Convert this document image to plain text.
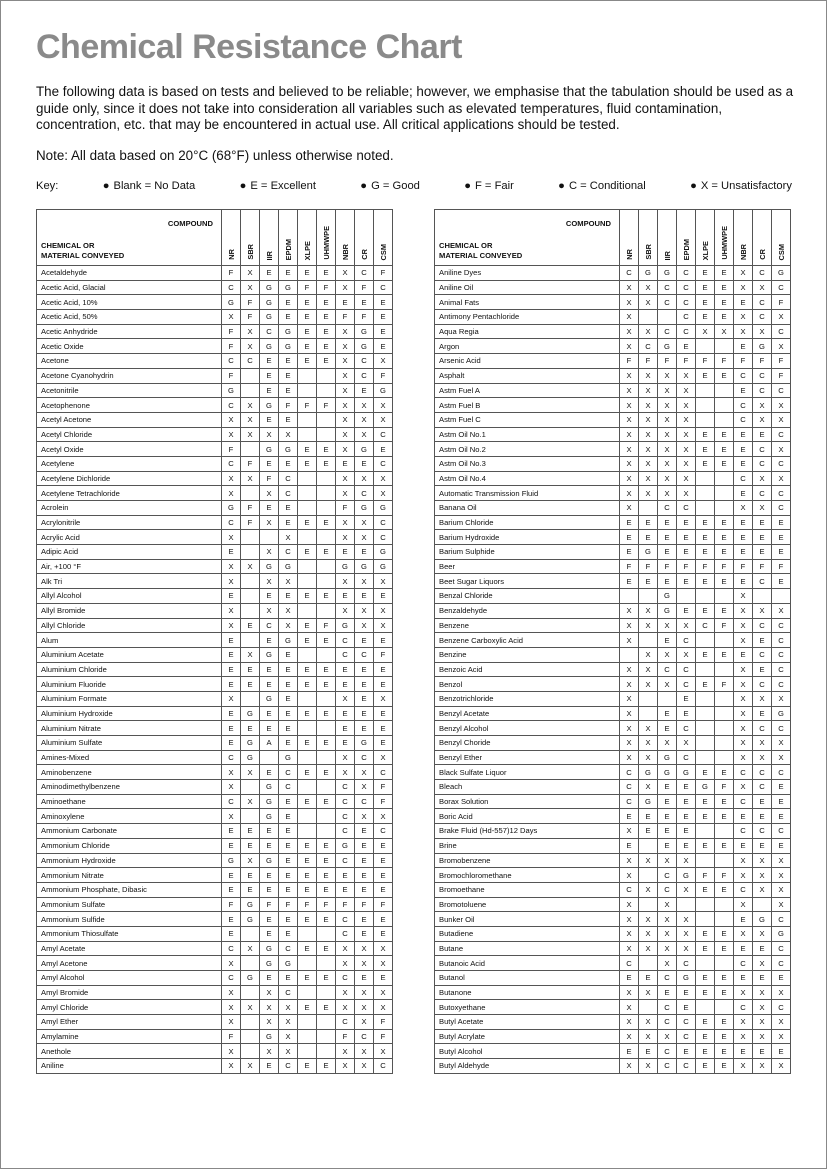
Chemical Resistance Chart

The following data is based on tests and believed to be reliable; however, we emphasise that the tabulation should be used as a guide only, since it does not take into consideration all variables such as elevated temperatures, fluid contamination, concentration, etc. that may be encountered in actual use. All critical applications should be tested.

Note: All data based on 20°C (68°F) unless otherwise noted.

Key:	● Blank = No Data	● E = Excellent	● G = Good	● F = Fair	● C = Conditional	● X = Unsatisfactory
COMPOUND
CHEMICAL OR
MATERIAL CONVEYED	NR	SBR	IIR	EPDM	XLPE	UHMWPE	NBR	CR	CSM
Acetaldehyde	F	X	E	E	E	E	X	C	F
Acetic Acid, Glacial	C	X	G	G	F	F	X	F	C
Acetic Acid, 10%	G	F	G	E	E	E	E	E	E
Acetic Acid, 50%	X	F	G	E	E	E	F	F	E
Acetic Anhydride	F	X	C	G	E	E	X	G	E
Acetic Oxide	F	X	G	G	E	E	X	G	E
Acetone	C	C	E	E	E	E	X	C	X
Acetone Cyanohydrin	F		E	E			X	C	F
Acetonitrile	G		E	E			X	E	G
Acetophenone	C	X	G	F	F	F	X	X	X
Acetyl Acetone	X	X	E	E			X	X	X
Acetyl Chloride	X	X	X	X			X	X	C
Acetyl Oxide	F		G	G	E	E	X	G	E
Acetylene	C	F	E	E	E	E	E	E	C
Acetylene Dichloride	X	X	F	C			X	X	X
Acetylene Tetrachloride	X		X	C			X	C	X
Acrolein	G	F	E	E			F	G	G
Acrylonitrile	C	F	X	E	E	E	X	X	C
Acrylic Acid	X			X			X	X	C
Adipic Acid	E		X	C	E	E	E	E	G
Air, +100 °F	X	X	G	G			G	G	G
Alk Tri	X		X	X			X	X	X
Allyl Alcohol	E		E	E	E	E	E	E	E
Allyl Bromide	X		X	X			X	X	X
Allyl Chloride	X	E	C	X	E	F	G	X	X
Alum	E		E	G	E	E	C	E	E
Aluminium Acetate	E	X	G	E			C	C	F
Aluminium Chloride	E	E	E	E	E	E	E	E	E
Aluminium Fluoride	E	E	E	E	E	E	E	E	E
Aluminium Formate	X		G	E			X	E	X
Aluminium Hydroxide	E	G	E	E	E	E	E	E	E
Aluminium Nitrate	E	E	E	E			E	E	E
Aluminium Sulfate	E	G	A	E	E	E	E	G	E
Amines-Mixed	C	G		G			X	C	X
Aminobenzene	X	X	E	C	E	E	X	X	C
Aminodimethylbenzene	X		G	C			C	X	F
Aminoethane	C	X	G	E	E	E	C	C	F
Aminoxylene	X		G	E			C	X	X
Ammonium Carbonate	E	E	E	E			C	E	C
Ammonium Chloride	E	E	E	E	E	E	G	E	E
Ammonium Hydroxide	G	X	G	E	E	E	C	E	E
Ammonium Nitrate	E	E	E	E	E	E	E	E	E
Ammonium Phosphate, Dibasic	E	E	E	E	E	E	E	E	E
Ammonium Sulfate	F	G	F	F	F	F	F	F	F
Ammonium Sulfide	E	G	E	E	E	E	C	E	E
Ammonium Thiosulfate	E		E	E			C	E	E
Amyl Acetate	C	X	G	C	E	E	X	X	X
Amyl Acetone	X		G	G			X	X	X
Amyl Alcohol	C	G	E	E	E	E	C	E	E
Amyl Bromide	X		X	C			X	X	X
Amyl Chloride	X	X	X	X	E	E	X	X	X
Amyl Ether	X		X	X			C	X	F
Amylamine	F		G	X			F	C	F
Anethole	X		X	X			X	X	X
Aniline	X	X	E	C	E	E	X	X	C
COMPOUND
CHEMICAL OR
MATERIAL CONVEYED	NR	SBR	IIR	EPDM	XLPE	UHMWPE	NBR	CR	CSM
Aniline Dyes	C	G	G	C	E	E	X	C	G
Aniline Oil	X	X	C	C	E	E	X	X	C
Animal Fats	X	X	C	C	E	E	E	C	F
Antimony Pentachloride	X			C	E	E	X	C	X
Aqua Regia	X	X	C	C	X	X	X	X	C
Argon	X	C	G	E			E	G	X
Arsenic Acid	F	F	F	F	F	F	F	F	F
Asphalt	X	X	X	X	E	E	C	C	F
Astm Fuel A	X	X	X	X			E	C	C
Astm Fuel B	X	X	X	X			C	X	X
Astm Fuel C	X	X	X	X			C	X	X
Astm Oil No.1	X	X	X	X	E	E	E	E	C
Astm Oil No.2	X	X	X	X	E	E	E	C	X
Astm Oil No.3	X	X	X	X	E	E	E	C	C
Astm Oil No.4	X	X	X	X			C	X	X
Automatic Transmission Fluid	X	X	X	X			E	C	C
Banana Oil	X		C	C			X	X	C
Barium Chloride	E	E	E	E	E	E	E	E	E
Barium Hydroxide	E	E	E	E	E	E	E	E	E
Barium Sulphide	E	G	E	E	E	E	E	E	E
Beer	F	F	F	F	F	F	F	F	F
Beet Sugar Liquors	E	E	E	E	E	E	E	C	E
Benzal Chloride			G				X		
Benzaldehyde	X	X	G	E	E	E	X	X	X
Benzene	X	X	X	X	C	F	X	C	C
Benzene Carboxylic Acid	X		E	C			X	E	C
Benzine		X	X	X	E	E	E	C	C
Benzoic Acid	X	X	C	C			X	E	C
Benzol	X	X	X	C	E	F	X	C	C
Benzotrichloride	X			E			X	X	X
Benzyl Acetate	X		E	E			X	E	G
Benzyl Alcohol	X	X	E	C			X	C	C
Benzyl Choride	X	X	X	X			X	X	X
Benzyl Ether	X	X	G	C			X	X	X
Black Sulfate Liquor	C	G	G	G	E	E	C	C	C
Bleach	C	X	E	E	G	F	X	C	E
Borax Solution	C	G	E	E	E	E	C	E	E
Boric Acid	E	E	E	E	E	E	E	E	E
Brake Fluid (Hd-557)12 Days	X	E	E	E			C	C	C
Brine	E		E	E	E	E	E	E	E
Bromobenzene	X	X	X	X			X	X	X
Bromochloromethane	X		C	G	F	F	X	X	X
Bromoethane	C	X	C	X	E	E	C	X	X
Bromotoluene	X		X				X		X
Bunker Oil	X	X	X	X			E	G	C
Butadiene	X	X	X	X	E	E	X	X	G
Butane	X	X	X	X	E	E	E	E	C
Butanoic Acid	C		X	C			C	X	C
Butanol	E	E	C	G	E	E	E	E	E
Butanone	X	X	E	E	E	E	X	X	X
Butoxyethane	X		C	E			C	X	C
Butyl Acetate	X	X	C	C	E	E	X	X	X
Butyl Acrylate	X	X	X	C	E	E	X	X	X
Butyl Alcohol	E	E	C	E	E	E	E	E	E
Butyl Aldehyde	X	X	C	C	E	E	X	X	X
